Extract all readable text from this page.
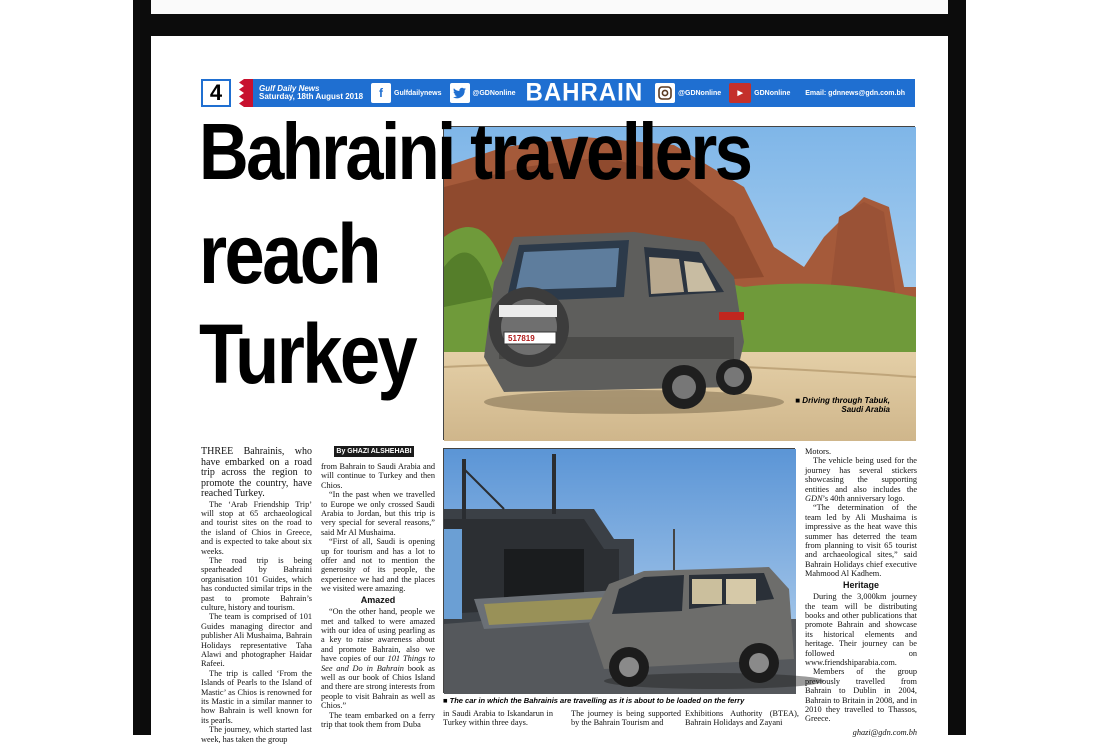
4	Gulf Daily News
Saturday, 18th August 2018	f	Gulfdailynews	@GDNonline BAHRAIN	@GDNonline	▶	GDNonline Email: gdnnews@gdn.com.bh
517819
■ Driving through Tabuk,
Saudi Arabia
Bahraini travellers
reach
Turkey
By GHAZI ALSHEHABI

THREE Bahrainis, who have embarked on a road trip across the region to promote the country, have reached Turkey.

The ‘Arab Friendship Trip’ will stop at 65 archaeological and tourist sites on the road to the island of Chios in Greece, and is expected to take about six weeks.

The road trip is being spearheaded by Bahraini organisation 101 Guides, which has conducted similar trips in the past to promote Bahrain’s culture, history and tourism.

The team is comprised of 101 Guides managing director and publisher Ali Mushaima, Bahrain Holidays representative Taha Alawi and photographer Haidar Rafeei.

The trip is called ‘From the Islands of Pearls to the Island of Mastic’ as Chios is renowned for its Mastic in a similar manner to how Bahrain is well known for its pearls.

The journey, which started last week, has taken the group

from Bahrain to Saudi Arabia and will continue to Turkey and then Chios.

“In the past when we travelled to Europe we only crossed Saudi Arabia to Jordan, but this trip is very special for several reasons,” said Mr Al Mushaima.

“First of all, Saudi is opening up for tourism and has a lot to offer and not to mention the generosity of its people, the experience we had and the places we visited were amazing.

Amazed

“On the other hand, people we met and talked to were amazed with our idea of using pearling as a key to raise awareness about and promote Bahrain, also we have copies of our 101 Things to See and Do in Bahrain book as well as our book of Chios Island and there are strong interests from people to visit Bahrain as well as Chios.”

The team embarked on a ferry trip that took them from Duba

■ The car in which the Bahrainis are travelling as it is about to be loaded on the ferry
in Saudi Arabia to Iskandarun in Turkey within three days.
The journey is being supported by the Bahrain Tourism and
Exhibitions Authority (BTEA), Bahrain Holidays and Zayani

Motors.

The vehicle being used for the journey has several stickers showcasing the supporting entities and also includes the GDN’s 40th anniversary logo.

“The determination of the team led by Ali Mushaima is impressive as the heat wave this summer has deterred the team from planning to visit 65 tourist and archaeological sites,” said Bahrain Holidays chief executive Mahmood Al Kadhem.

Heritage

During the 3,000km journey the team will be distributing books and other publications that promote Bahrain and showcase its historical elements and heritage. Their journey can be followed on www.friendshiparabia.com.

Members of the group previously travelled from Bahrain to Dublin in 2004, Bahrain to Britain in 2008, and in 2010 they travelled to Thassos, Greece.

ghazi@gdn.com.bh
